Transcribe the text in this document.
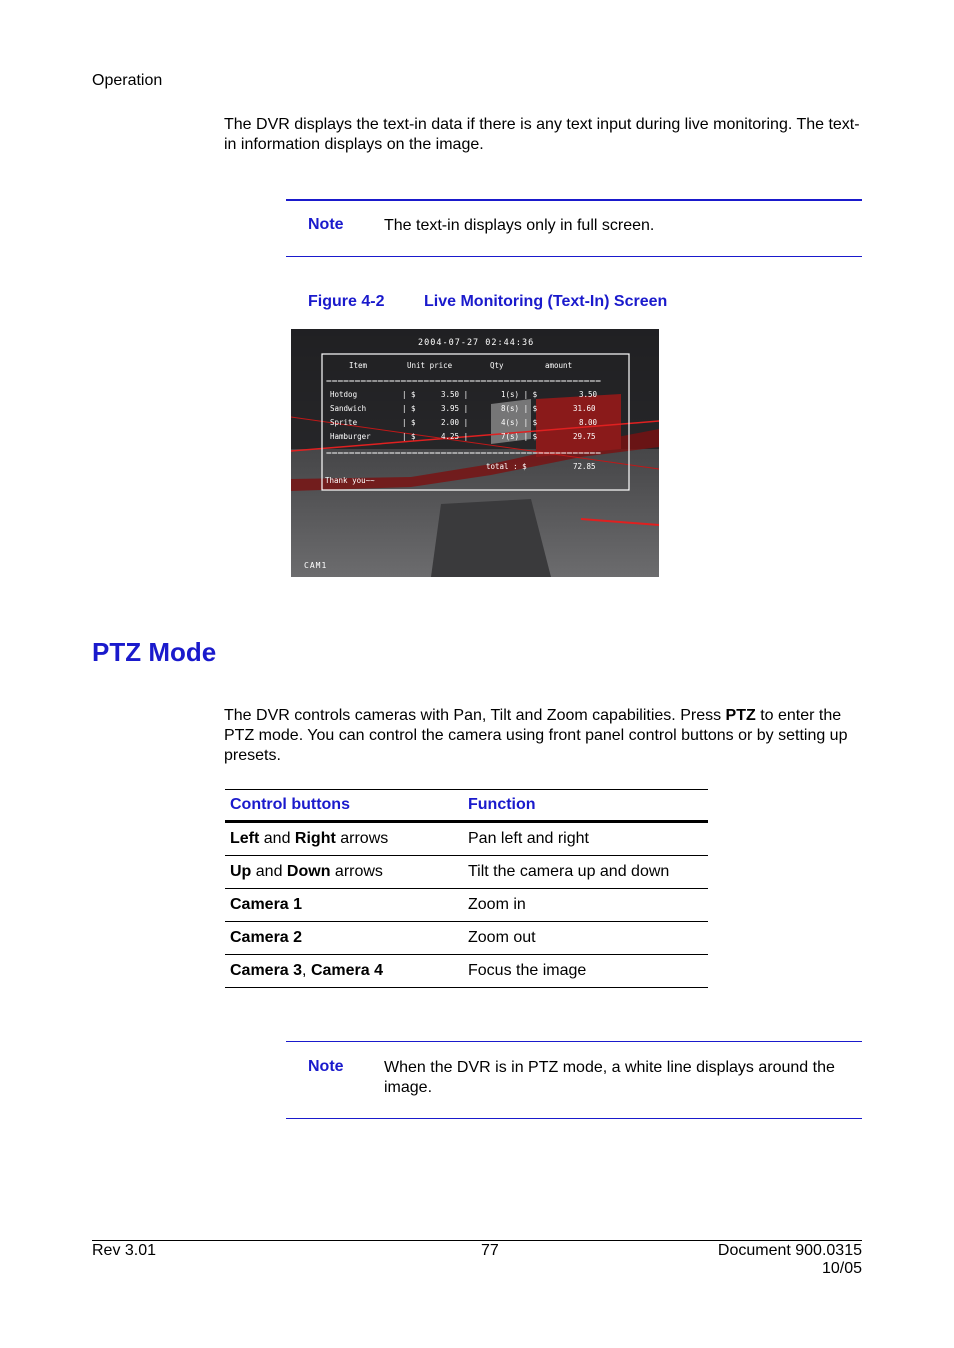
Operation
The DVR displays the text-in data if there is any text input during live monitoring. The text-in information displays on the image.
Note	The text-in displays only in full screen.
Figure 4-2 Live Monitoring (Text-In) Screen
2004-07-27 02:44:36
Item	Unit price	Qty	amount
================================================
Hotdog	| $	3.50 |	1(s) | $	3.50
Sandwich	| $	3.95 |	8(s) | $	31.60
Sprite	| $	2.00 |	4(s) | $	8.00
Hamburger	| $	4.25 |	7(s) | $	29.75
================================================
total : $	72.85
Thank you~~
CAM1
PTZ Mode
The DVR controls cameras with Pan, Tilt and Zoom capabilities. Press PTZ to enter the PTZ mode. You can control the camera using front panel control buttons or by setting up presets.
Control buttons	Function
Left and Right arrows	Pan left and right
Up and Down arrows	Tilt the camera up and down
Camera 1	Zoom in
Camera 2	Zoom out
Camera 3, Camera 4	Focus the image
Note	When the DVR is in PTZ mode, a white line displays around the image.
Rev 3.01	77	Document 900.0315
10/05
